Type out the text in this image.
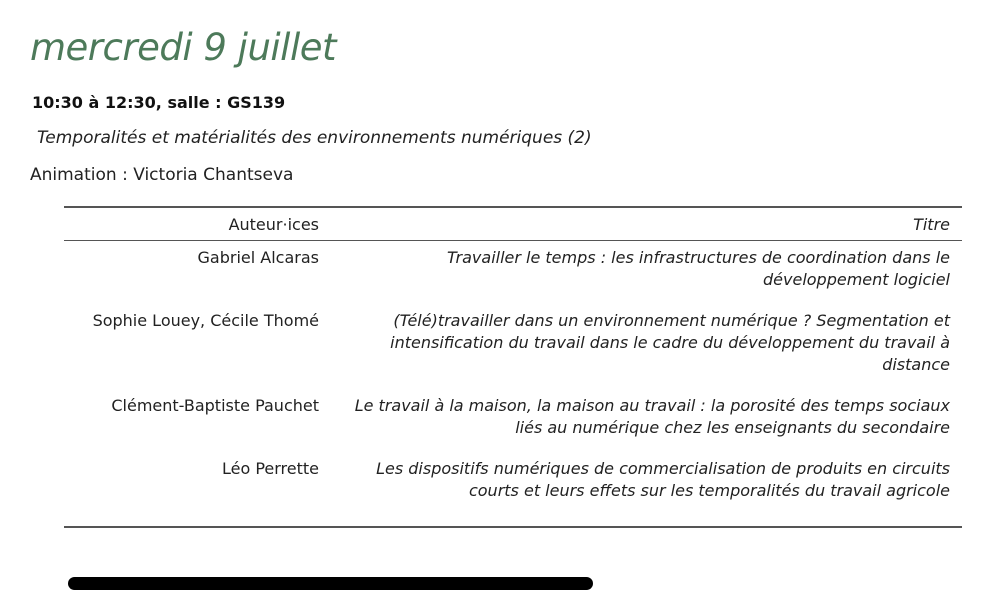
mercredi 9 juillet
10:30 à 12:30, salle : GS139
Temporalités et matérialités des environnements numériques (2)
Animation : Victoria Chantseva
Auteur·ices	Titre
Gabriel Alcaras	Travailler le temps : les infrastructures de coordination dans le développement logiciel
Sophie Louey, Cécile Thomé	(Télé)travailler dans un environnement numérique ? Segmentation et intensification du travail dans le cadre du développement du travail à distance
Clément-Baptiste Pauchet	Le travail à la maison, la maison au travail : la porosité des temps sociaux liés au numérique chez les enseignants du secondaire
Léo Perrette	Les dispositifs numériques de commercialisation de produits en circuits courts et leurs effets sur les temporalités du travail agricole
